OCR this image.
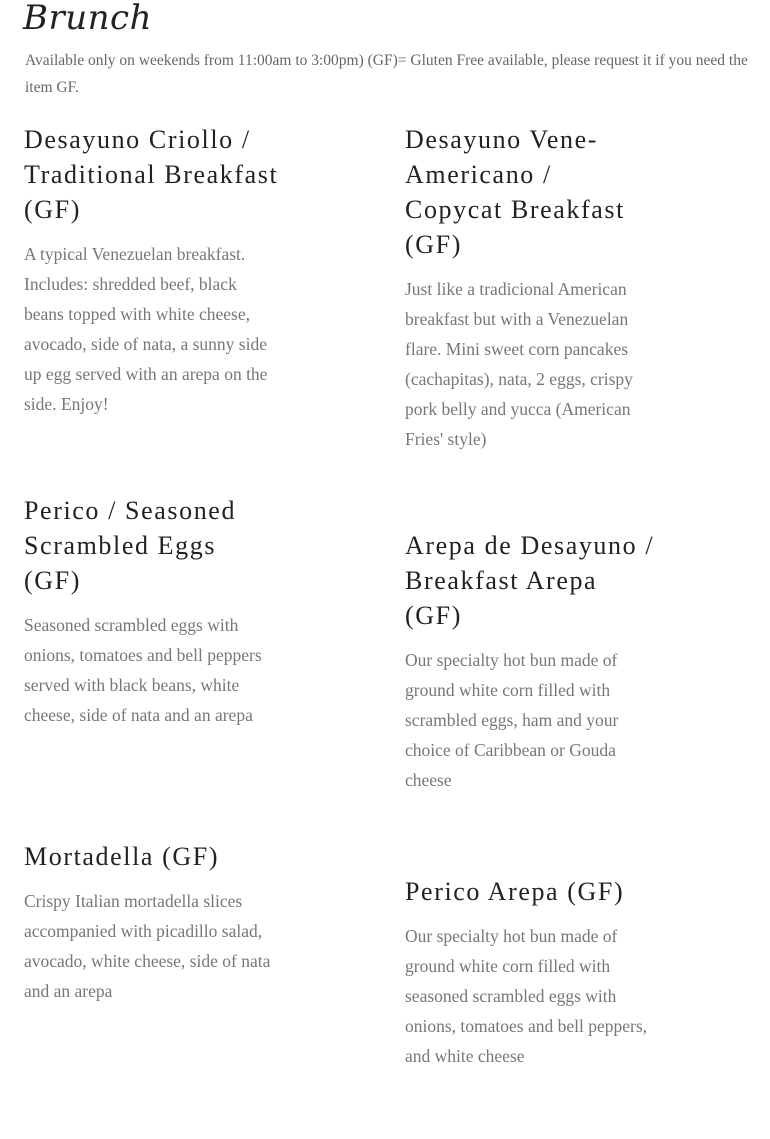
Brunch

Available only on weekends from 11:00am to 3:00pm) (GF)= Gluten Free available, please request it if you need the item GF.

Desayuno Criollo / Traditional Breakfast (GF)

A typical Venezuelan breakfast. Includes: shredded beef, black beans topped with white cheese, avocado, side of nata, a sunny side up egg served with an arepa on the side. Enjoy!

Desayuno Vene-Americano / Copycat Breakfast (GF)

Just like a tradicional American breakfast but with a Venezuelan flare. Mini sweet corn pancakes (cachapitas), nata, 2 eggs, crispy pork belly and yucca (American Fries' style)

Perico / Seasoned Scrambled Eggs (GF)

Seasoned scrambled eggs with onions, tomatoes and bell peppers served with black beans, white cheese, side of nata and an arepa

Arepa de Desayuno / Breakfast Arepa (GF)

Our specialty hot bun made of ground white corn filled with scrambled eggs, ham and your choice of Caribbean or Gouda cheese

Mortadella (GF)

Crispy Italian mortadella slices accompanied with picadillo salad, avocado, white cheese, side of nata and an arepa

Perico Arepa (GF)

Our specialty hot bun made of ground white corn filled with seasoned scrambled eggs with onions, tomatoes and bell peppers, and white cheese
